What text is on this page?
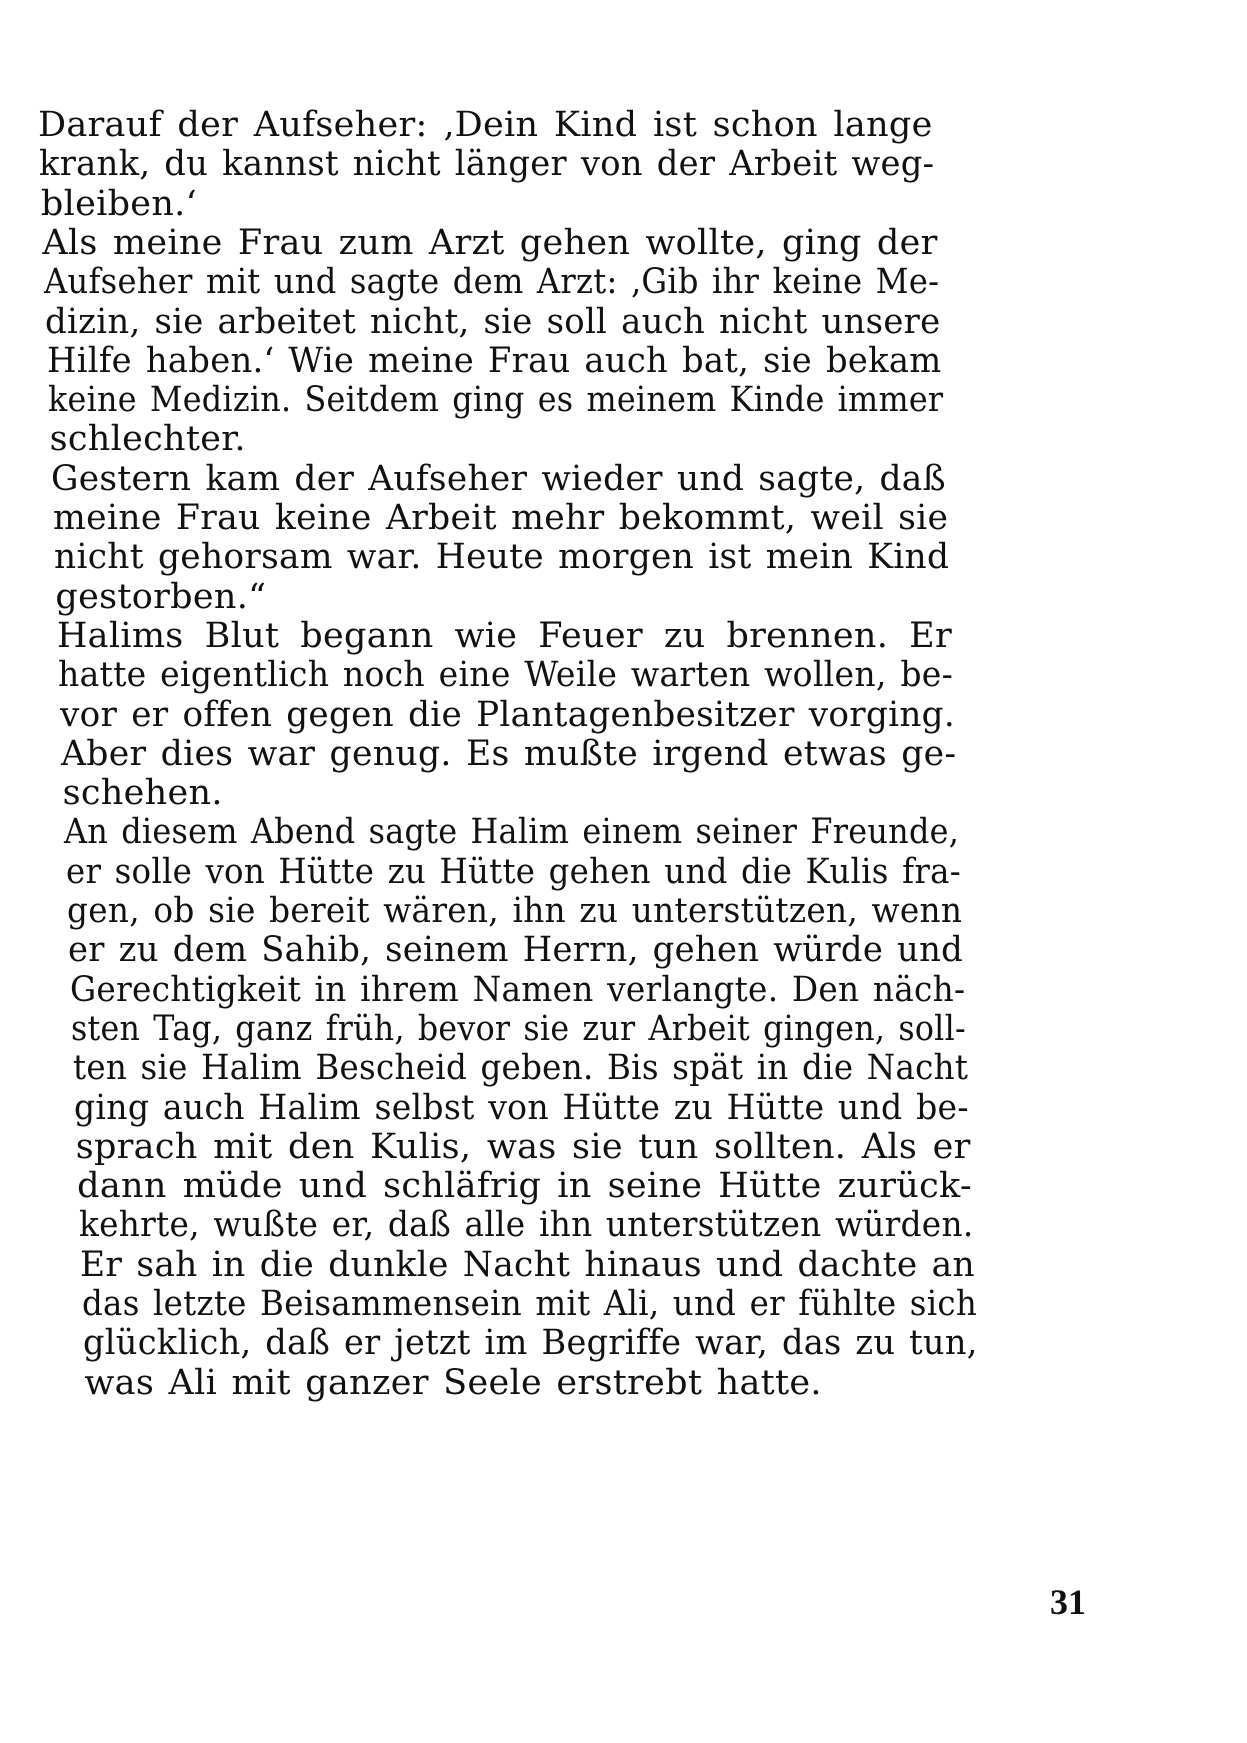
Darauf der Aufseher: ‚Dein Kind ist schon lange
krank, du kannst nicht länger von der Arbeit weg-
bleiben.‘
Als meine Frau zum Arzt gehen wollte, ging der
Aufseher mit und sagte dem Arzt: ‚Gib ihr keine Me-
dizin, sie arbeitet nicht, sie soll auch nicht unsere
Hilfe haben.‘ Wie meine Frau auch bat, sie bekam
keine Medizin. Seitdem ging es meinem Kinde immer
schlechter.
Gestern kam der Aufseher wieder und sagte, daß
meine Frau keine Arbeit mehr bekommt, weil sie
nicht gehorsam war. Heute morgen ist mein Kind
gestorben.“
Halims Blut begann wie Feuer zu brennen. Er
hatte eigentlich noch eine Weile warten wollen, be-
vor er offen gegen die Plantagenbesitzer vorging.
Aber dies war genug. Es mußte irgend etwas ge-
schehen.
An diesem Abend sagte Halim einem seiner Freunde,
er solle von Hütte zu Hütte gehen und die Kulis fra-
gen, ob sie bereit wären, ihn zu unterstützen, wenn
er zu dem Sahib, seinem Herrn, gehen würde und
Gerechtigkeit in ihrem Namen verlangte. Den näch-
sten Tag, ganz früh, bevor sie zur Arbeit gingen, soll-
ten sie Halim Bescheid geben. Bis spät in die Nacht
ging auch Halim selbst von Hütte zu Hütte und be-
sprach mit den Kulis, was sie tun sollten. Als er
dann müde und schläfrig in seine Hütte zurück-
kehrte, wußte er, daß alle ihn unterstützen würden.
Er sah in die dunkle Nacht hinaus und dachte an
das letzte Beisammensein mit Ali, und er fühlte sich
glücklich, daß er jetzt im Begriffe war, das zu tun,
was Ali mit ganzer Seele erstrebt hatte.
31
